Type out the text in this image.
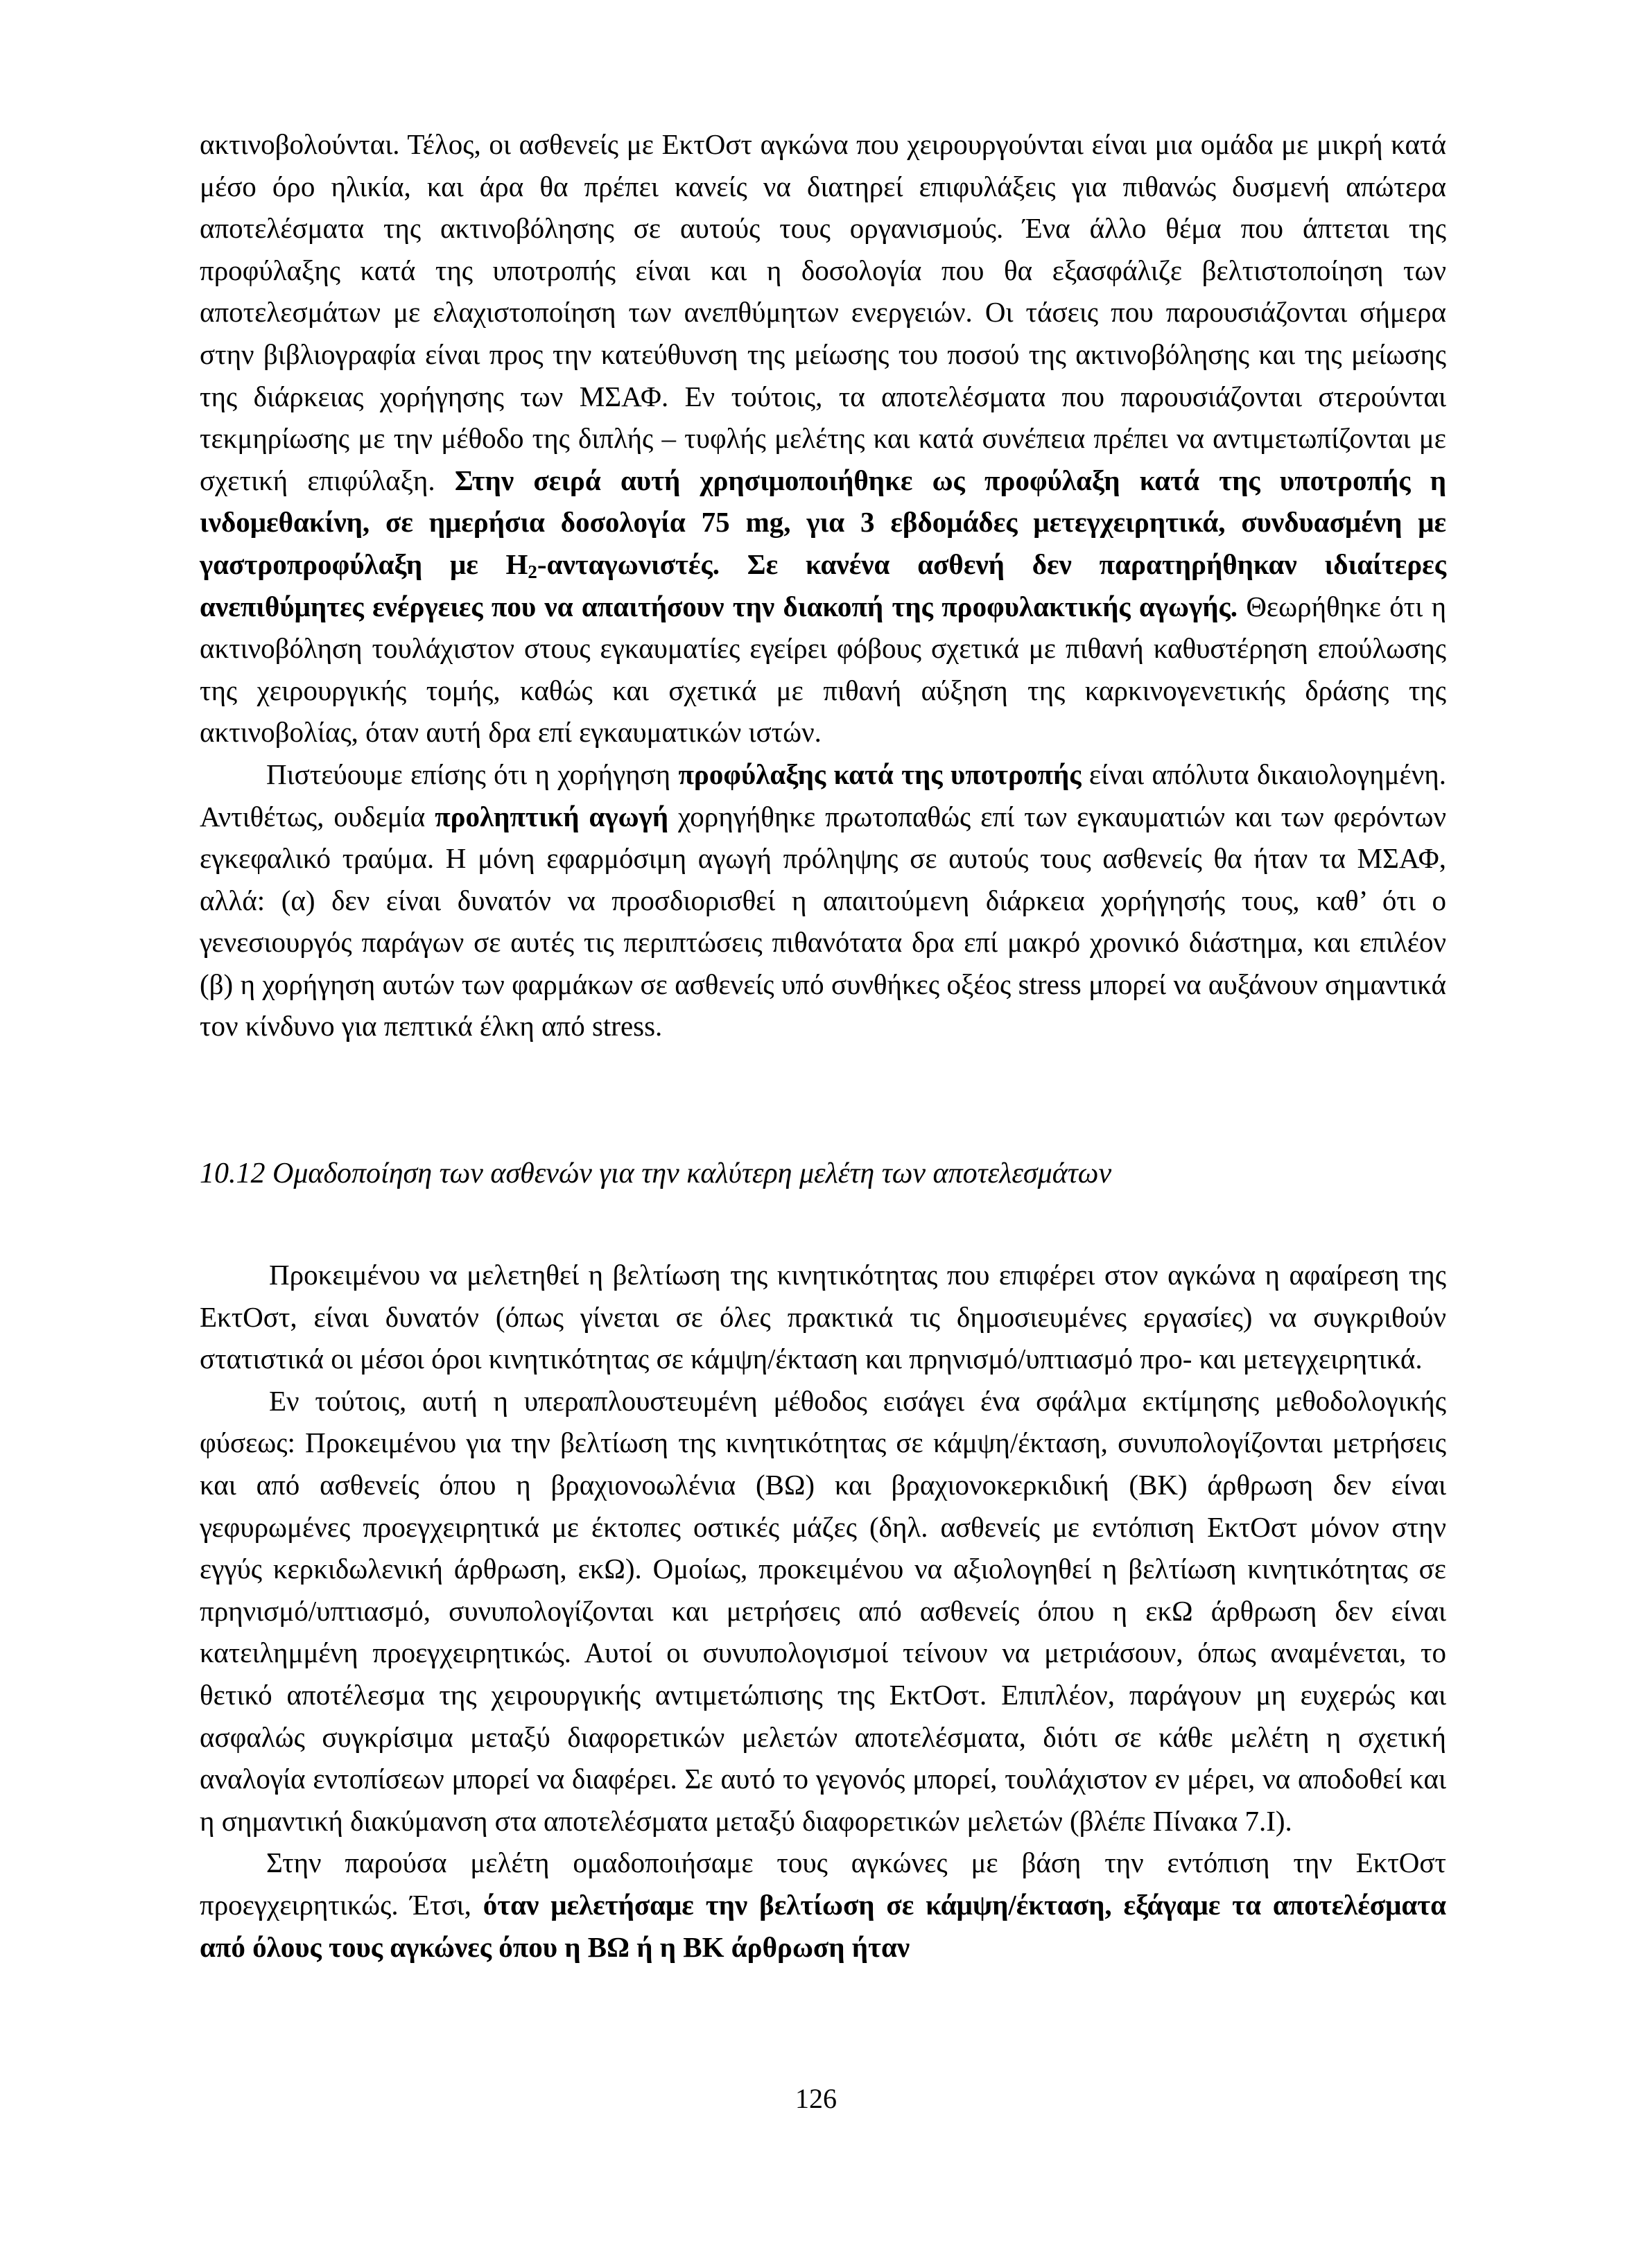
ακτινοβολούνται. Τέλος, οι ασθενείς με ΕκτΟστ αγκώνα που χειρουργούνται είναι μια ομάδα με μικρή κατά μέσο όρο ηλικία, και άρα θα πρέπει κανείς να διατηρεί επιφυλάξεις για πιθανώς δυσμενή απώτερα αποτελέσματα της ακτινοβόλησης σε αυτούς τους οργανισμούς. Ένα άλλο θέμα που άπτεται της προφύλαξης κατά της υποτροπής είναι και η δοσολογία που θα εξασφάλιζε βελτιστοποίηση των αποτελεσμάτων με ελαχιστοποίηση των ανεπθύμητων ενεργειών. Οι τάσεις που παρουσιάζονται σήμερα στην βιβλιογραφία είναι προς την κατεύθυνση της μείωσης του ποσού της ακτινοβόλησης και της μείωσης της διάρκειας χορήγησης των ΜΣΑΦ. Εν τούτοις, τα αποτελέσματα που παρουσιάζονται στερούνται τεκμηρίωσης με την μέθοδο της διπλής – τυφλής μελέτης και κατά συνέπεια πρέπει να αντιμετωπίζονται με σχετική επιφύλαξη. Στην σειρά αυτή χρησιμοποιήθηκε ως προφύλαξη κατά της υποτροπής η ινδομεθακίνη, σε ημερήσια δοσολογία 75 mg, για 3 εβδομάδες μετεγχειρητικά, συνδυασμένη με γαστροπροφύλαξη με $H_2$-ανταγωνιστές. Σε κανένα ασθενή δεν παρατηρήθηκαν ιδιαίτερες ανεπιθύμητες ενέργειες που να απαιτήσουν την διακοπή της προφυλακτικής αγωγής. Θεωρήθηκε ότι η ακτινοβόληση τουλάχιστον στους εγκαυματίες εγείρει φόβους σχετικά με πιθανή καθυστέρηση επούλωσης της χειρουργικής τομής, καθώς και σχετικά με πιθανή αύξηση της καρκινογενετικής δράσης της ακτινοβολίας, όταν αυτή δρα επί εγκαυματικών ιστών.

Πιστεύουμε επίσης ότι η χορήγηση προφύλαξης κατά της υποτροπής είναι απόλυτα δικαιολογημένη. Αντιθέτως, ουδεμία προληπτική αγωγή χορηγήθηκε πρωτοπαθώς επί των εγκαυματιών και των φερόντων εγκεφαλικό τραύμα. Η μόνη εφαρμόσιμη αγωγή πρόληψης σε αυτούς τους ασθενείς θα ήταν τα ΜΣΑΦ, αλλά: (α) δεν είναι δυνατόν να προσδιορισθεί η απαιτούμενη διάρκεια χορήγησής τους, καθ’ ότι ο γενεσιουργός παράγων σε αυτές τις περιπτώσεις πιθανότατα δρα επί μακρό χρονικό διάστημα, και επιλέον (β) η χορήγηση αυτών των φαρμάκων σε ασθενείς υπό συνθήκες οξέος stress μπορεί να αυξάνουν σημαντικά τον κίνδυνο για πεπτικά έλκη από stress.

10.12 Ομαδοποίηση των ασθενών για την καλύτερη μελέτη των αποτελεσμάτων

Προκειμένου να μελετηθεί η βελτίωση της κινητικότητας που επιφέρει στον αγκώνα η αφαίρεση της ΕκτΟστ, είναι δυνατόν (όπως γίνεται σε όλες πρακτικά τις δημοσιευμένες εργασίες) να συγκριθούν στατιστικά οι μέσοι όροι κινητικότητας σε κάμψη/έκταση και πρηνισμό/υπτιασμό προ- και μετεγχειρητικά.

Εν τούτοις, αυτή η υπεραπλουστευμένη μέθοδος εισάγει ένα σφάλμα εκτίμησης μεθοδολογικής φύσεως: Προκειμένου για την βελτίωση της κινητικότητας σε κάμψη/έκταση, συνυπολογίζονται μετρήσεις και από ασθενείς όπου η βραχιονοωλένια (ΒΩ) και βραχιονοκερκιδική (ΒΚ) άρθρωση δεν είναι γεφυρωμένες προεγχειρητικά με έκτοπες οστικές μάζες (δηλ. ασθενείς με εντόπιση ΕκτΟστ μόνον στην εγγύς κερκιδωλενική άρθρωση, εκΩ). Ομοίως, προκειμένου να αξιολογηθεί η βελτίωση κινητικότητας σε πρηνισμό/υπτιασμό, συνυπολογίζονται και μετρήσεις από ασθενείς όπου η εκΩ άρθρωση δεν είναι κατειλημμένη προεγχειρητικώς. Αυτοί οι συνυπολογισμοί τείνουν να μετριάσουν, όπως αναμένεται, το θετικό αποτέλεσμα της χειρουργικής αντιμετώπισης της ΕκτΟστ. Επιπλέον, παράγουν μη ευχερώς και ασφαλώς συγκρίσιμα μεταξύ διαφορετικών μελετών αποτελέσματα, διότι σε κάθε μελέτη η σχετική αναλογία εντοπίσεων μπορεί να διαφέρει. Σε αυτό το γεγονός μπορεί, τουλάχιστον εν μέρει, να αποδοθεί και η σημαντική διακύμανση στα αποτελέσματα μεταξύ διαφορετικών μελετών (βλέπε Πίνακα 7.Ι).

Στην παρούσα μελέτη ομαδοποιήσαμε τους αγκώνες με βάση την εντόπιση την ΕκτΟστ προεγχειρητικώς. Έτσι, όταν μελετήσαμε την βελτίωση σε κάμψη/έκταση, εξάγαμε τα αποτελέσματα από όλους τους αγκώνες όπου η ΒΩ ή η ΒΚ άρθρωση ήταν

126
